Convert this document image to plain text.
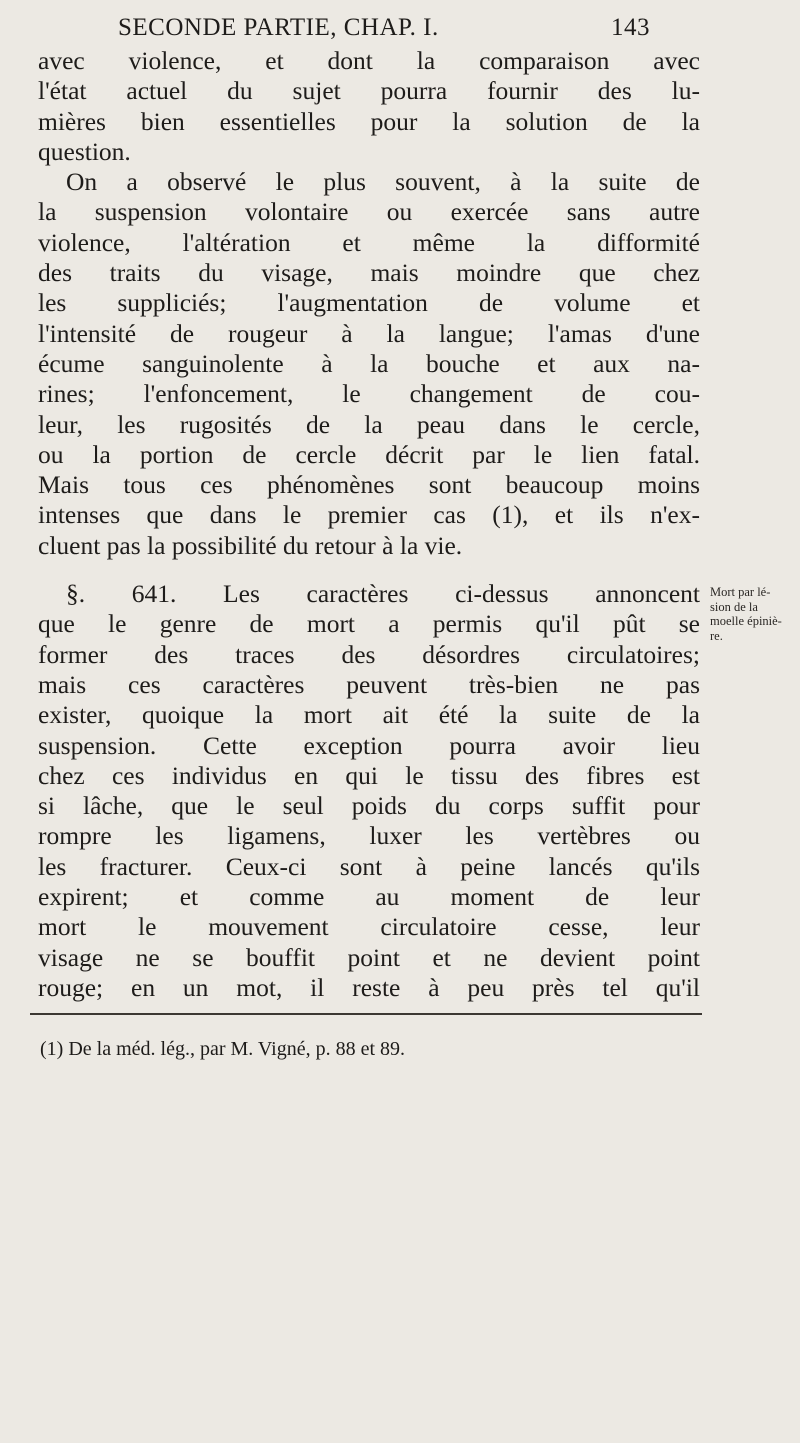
SECONDE PARTIE, CHAP. I.	143
avec violence, et dont la comparaison avec
l'état actuel du sujet pourra fournir des lu-
mières bien essentielles pour la solution de la
question.
On a observé le plus souvent, à la suite de
la suspension volontaire ou exercée sans autre
violence, l'altération et même la difformité
des traits du visage, mais moindre que chez
les suppliciés; l'augmentation de volume et
l'intensité de rougeur à la langue; l'amas d'une
écume sanguinolente à la bouche et aux na-
rines; l'enfoncement, le changement de cou-
leur, les rugosités de la peau dans le cercle,
ou la portion de cercle décrit par le lien fatal.
Mais tous ces phénomènes sont beaucoup moins
intenses que dans le premier cas (1), et ils n'ex-
cluent pas la possibilité du retour à la vie.
§. 641. Les caractères ci-dessus annoncent
que le genre de mort a permis qu'il pût se
former des traces des désordres circulatoires;
mais ces caractères peuvent très-bien ne pas
exister, quoique la mort ait été la suite de la
suspension. Cette exception pourra avoir lieu
chez ces individus en qui le tissu des fibres est
si lâche, que le seul poids du corps suffit pour
rompre les ligamens, luxer les vertèbres ou
les fracturer. Ceux-ci sont à peine lancés qu'ils
expirent; et comme au moment de leur
mort le mouvement circulatoire cesse, leur
visage ne se bouffit point et ne devient point
rouge; en un mot, il reste à peu près tel qu'il
Mort par lé-
sion de la
moelle épiniè-
re.
(1) De la méd. lég., par M. Vigné, p. 88 et 89.
